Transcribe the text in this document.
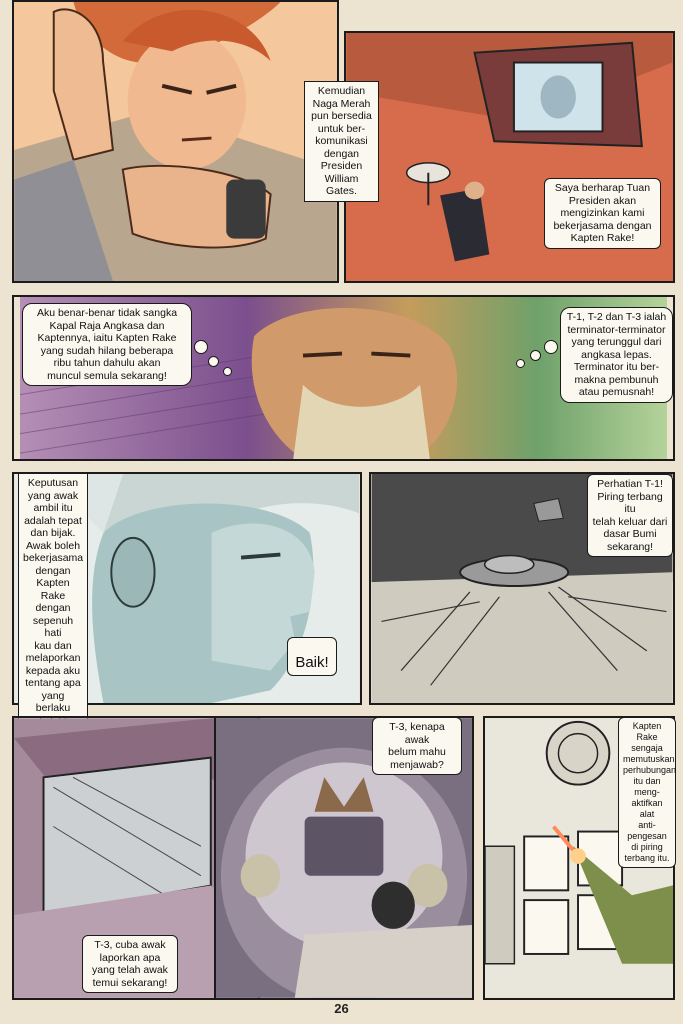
Kemudian
Naga Merah
pun bersedia
untuk ber-
komunikasi
dengan
Presiden
William
Gates.	Saya berharap Tuan
Presiden akan
mengizinkan kami
bekerjasama dengan
Kapten Rake!
Aku benar-benar tidak sangka
Kapal Raja Angkasa dan
Kaptennya, iaitu Kapten Rake
yang sudah hilang beberapa
ribu tahun dahulu akan
muncul semula sekarang!
T-1, T-2 dan T-3 ialah
terminator-terminator
yang terunggul dari
angkasa lepas.
Terminator itu ber-
makna pembunuh
atau pemusnah!
Keputusan
yang awak
ambil itu
adalah tepat
dan bijak.
Awak boleh
bekerjasama
dengan
Kapten Rake
dengan
sepenuh hati
kau dan
melaporkan
kepada aku
tentang apa
yang berlaku

Baik!

Perhatian T-1!
Piring terbang itu
telah keluar dari
dasar Bumi
sekarang!
T-3, cuba awak
laporkan apa
yang telah awak
temui sekarang!
T-3, kenapa awak
belum mahu
menjawab?
Kapten Rake
sengaja
memutuskan
perhubungan
itu dan meng-
aktifkan alat
anti-pengesan
di piring
terbang itu.
26
